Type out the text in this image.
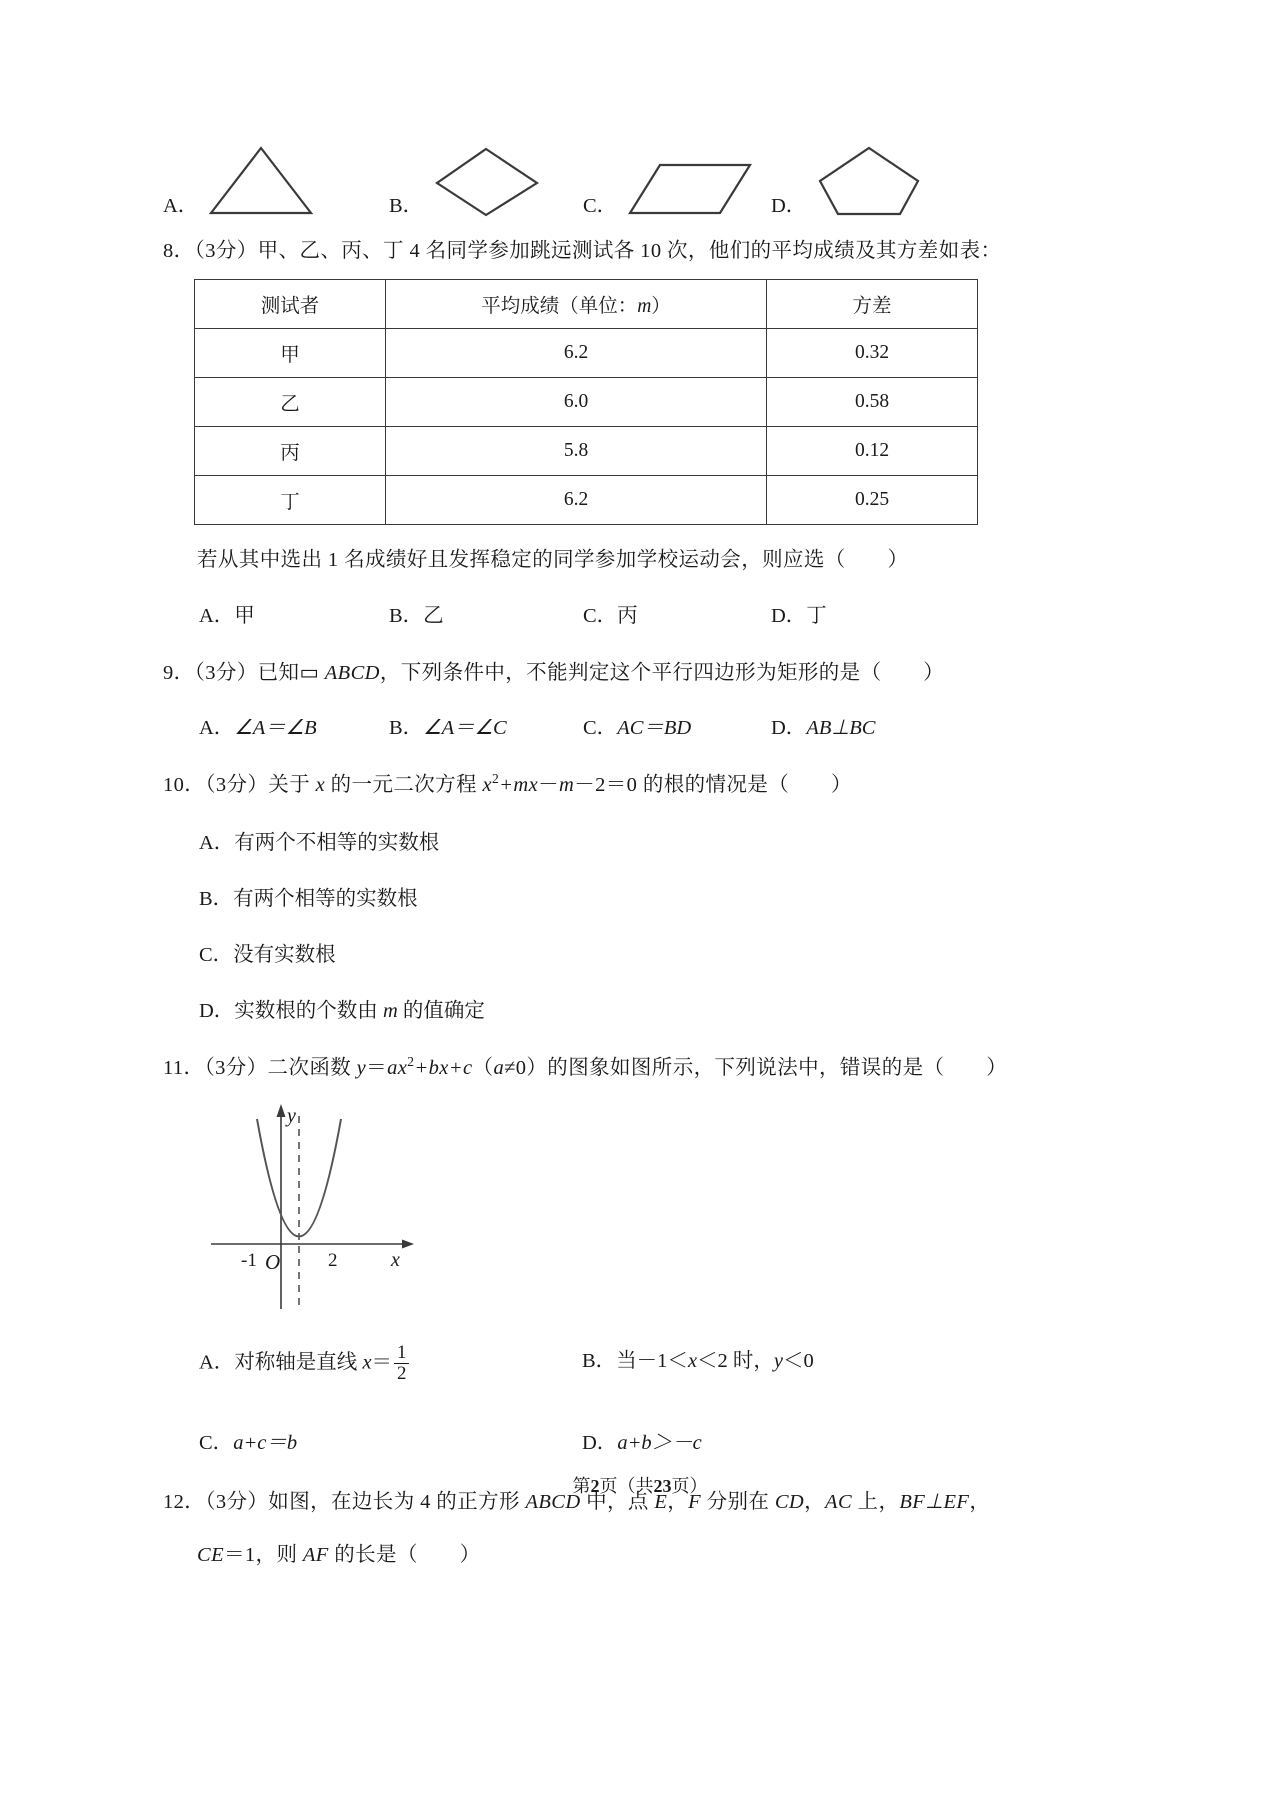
A．	B．	C．	D．
8．（3分）甲、乙、丙、丁 4 名同学参加跳远测试各 10 次，他们的平均成绩及其方差如表：
测试者	平均成绩（单位：m）	方差
甲	6.2	0.32
乙	6.0	0.58
丙	5.8	0.12
丁	6.2	0.25
若从其中选出 1 名成绩好且发挥稳定的同学参加学校运动会，则应选（　　）
A．甲	B．乙	C．丙	D．丁
9．（3分）已知▭ ABCD，下列条件中，不能判定这个平行四边形为矩形的是（　　）
A．∠A＝∠B	B．∠A＝∠C	C．AC＝BD	D．AB⊥BC
10．（3分）关于 x 的一元二次方程 $x^2+mx-m-2=0$ 的根的情况是（　　）
A．有两个不相等的实数根
B．有两个相等的实数根
C．没有实数根
D．实数根的个数由 m 的值确定
11．（3分）二次函数 $y=ax^2+bx+c(a\ne 0)$的图象如图所示，下列说法中，错误的是（　　）
-1 O	2	x
y
A．对称轴是直线 $x= \frac{1}{2}$	B．当－1＜x＜2 时，y＜0
C．a+c＝b	D．a+b＞－c
12．（3分）如图，在边长为 4 的正方形 ABCD 中，点 E，F 分别在 CD，AC 上，BF⊥EF，
CE＝1，则 AF 的长是（　　）
第2页（共23页）
